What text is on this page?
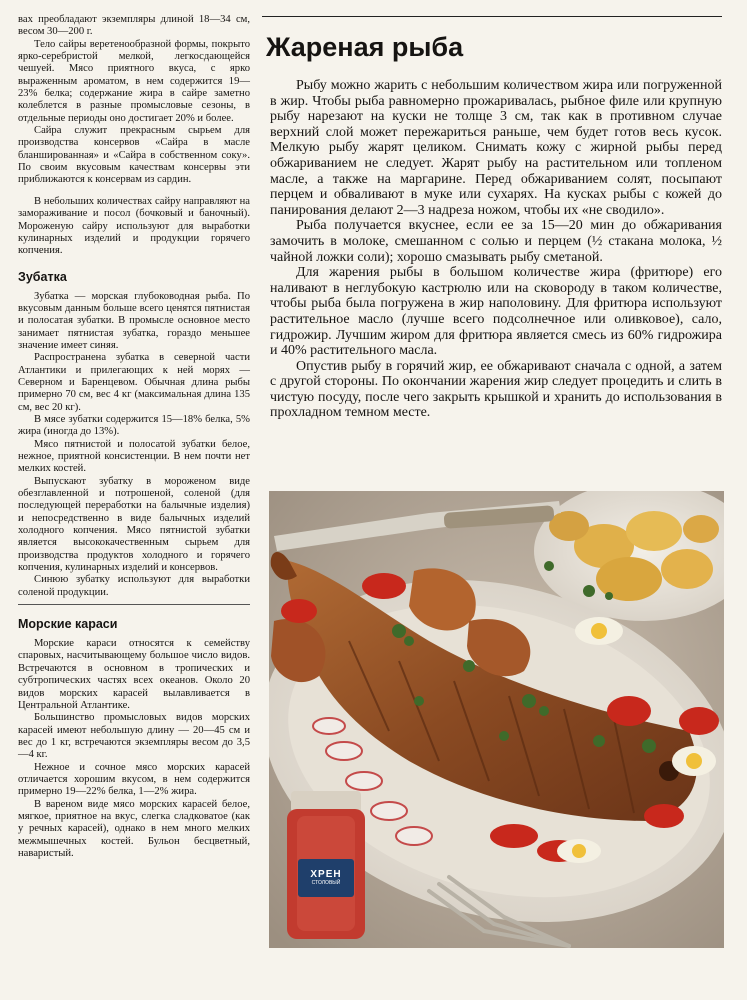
вах преобладают экземпляры длиной 18—34 см, весом 30—200 г.

Тело сайры веретенообразной формы, покрыто ярко-серебристой мелкой, легкосдающейся чешуей. Мясо приятного вкуса, с ярко выраженным ароматом, в нем содержится 19—23% белка; содержание жира в сайре заметно колеблется в разные промысловые сезоны, в отдельные периоды оно достигает 20% и более.

Сайра служит прекрасным сырьем для производства консервов «Сайра в масле бланшированная» и «Сайра в собственном соку». По своим вкусовым качествам консервы эти приближаются к консервам из сардин.

В небольших количествах сайру направляют на замораживание и посол (бочковый и баночный). Мороженую сайру используют для выработки кулинарных изделий и продукции горячего копчения.

Зубатка

Зубатка — морская глубоководная рыба. По вкусовым данным больше всего ценятся пятнистая и полосатая зубатки. В промысле основное место занимает пятнистая зубатка, гораздо меньшее значение имеет синяя.

Распространена зубатка в северной части Атлантики и прилегающих к ней морях — Северном и Баренцевом. Обычная длина рыбы примерно 70 см, вес 4 кг (максимальная длина 135 см, вес 20 кг).

В мясе зубатки содержится 15—18% белка, 5% жира (иногда до 13%).

Мясо пятнистой и полосатой зубатки белое, нежное, приятной консистенции. В нем почти нет мелких костей.

Выпускают зубатку в мороженом виде обезглавленной и потрошеной, соленой (для последующей переработки на балычные изделия) и непосредственно в виде балычных изделий холодного копчения. Мясо пятнистой зубатки является высококачественным сырьем для производства продуктов холодного и горячего копчения, кулинарных изделий и консервов.

Синюю зубатку используют для выработки соленой продукции.

Морские караси

Морские караси относятся к семейству спаровых, насчитывающему большое число видов. Встречаются в основном в тропических и субтропических частях всех океанов. Около 20 видов морских карасей вылавливается в Центральной Атлантике.

Большинство промысловых видов морских карасей имеют небольшую длину — 20—45 см и вес до 1 кг, встречаются экземпляры весом до 3,5—4 кг.

Нежное и сочное мясо морских карасей отличается хорошим вкусом, в нем содержится примерно 19—22% белка, 1—2% жира.

В вареном виде мясо морских карасей белое, мягкое, приятное на вкус, слегка сладковатое (как у речных карасей), однако в нем много мелких межмышечных костей. Бульон бесцветный, наваристый.

Жареная рыба

Рыбу можно жарить с небольшим количеством жира или погруженной в жир. Чтобы рыба равномерно прожаривалась, рыбное филе или крупную рыбу нарезают на куски не толще 3 см, так как в противном случае верхний слой может пережариться раньше, чем будет готов весь кусок. Мелкую рыбу жарят целиком. Снимать кожу с жирной рыбы перед обжариванием не следует. Жарят рыбу на растительном или топленом масле, а также на маргарине. Перед обжариванием солят, посыпают перцем и обваливают в муке или сухарях. На кусках рыбы с кожей до панирования делают 2—3 надреза ножом, чтобы их «не сводило».

Рыба получается вкуснее, если ее за 15—20 мин до обжаривания замочить в молоке, смешанном с солью и перцем (½ стакана молока, ½ чайной ложки соли); хорошо смазывать рыбу сметаной.

Для жарения рыбы в большом количестве жира (фритюре) его наливают в неглубокую кастрюлю или на сковороду в таком количестве, чтобы рыба была погружена в жир наполовину. Для фритюра используют растительное масло (лучше всего подсолнечное или оливковое), сало, гидрожир. Лучшим жиром для фритюра является смесь из 60% гидрожира и 40% растительного масла.

Опустив рыбу в горячий жир, ее обжаривают сначала с одной, а затем с другой стороны. По окончании жарения жир следует процедить и слить в чистую посуду, после чего закрыть крышкой и хранить до использования в прохладном темном месте.

ХРЕН
СТОЛОВЫЙ
